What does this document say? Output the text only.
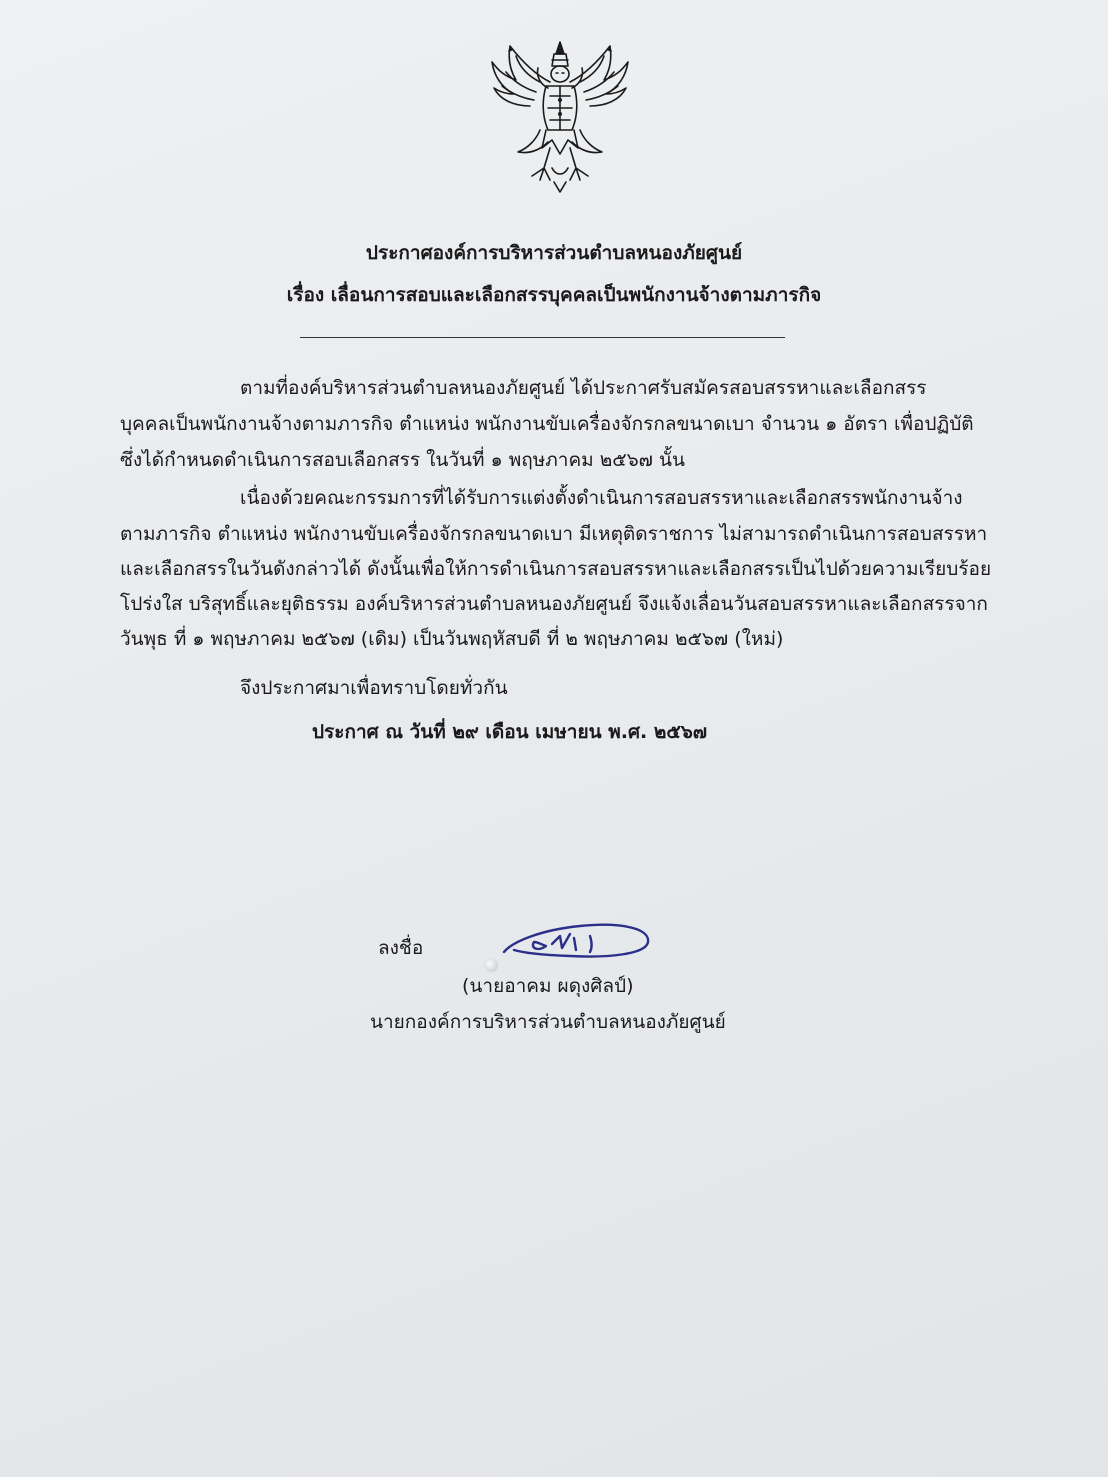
ประกาศองค์การบริหารส่วนตำบลหนองภัยศูนย์
เรื่อง เลื่อนการสอบและเลือกสรรบุคคลเป็นพนักงานจ้างตามภารกิจ
ตามที่องค์บริหารส่วนตำบลหนองภัยศูนย์ ได้ประกาศรับสมัครสอบสรรหาและเลือกสรร
บุคคลเป็นพนักงานจ้างตามภารกิจ ตำแหน่ง พนักงานขับเครื่องจักรกลขนาดเบา จำนวน ๑ อัตรา เพื่อปฏิบัติ
ซึ่งได้กำหนดดำเนินการสอบเลือกสรร ในวันที่ ๑ พฤษภาคม ๒๕๖๗ นั้น
เนื่องด้วยคณะกรรมการที่ได้รับการแต่งตั้งดำเนินการสอบสรรหาและเลือกสรรพนักงานจ้าง
ตามภารกิจ ตำแหน่ง พนักงานขับเครื่องจักรกลขนาดเบา มีเหตุติดราชการ ไม่สามารถดำเนินการสอบสรรหา
และเลือกสรรในวันดังกล่าวได้ ดังนั้นเพื่อให้การดำเนินการสอบสรรหาและเลือกสรรเป็นไปด้วยความเรียบร้อย
โปร่งใส บริสุทธิ์และยุติธรรม องค์บริหารส่วนตำบลหนองภัยศูนย์ จึงแจ้งเลื่อนวันสอบสรรหาและเลือกสรรจาก
วันพุธ ที่ ๑ พฤษภาคม ๒๕๖๗ (เดิม) เป็นวันพฤหัสบดี ที่ ๒ พฤษภาคม ๒๕๖๗ (ใหม่)
จึงประกาศมาเพื่อทราบโดยทั่วกัน
ประกาศ ณ วันที่ ๒๙ เดือน เมษายน พ.ศ. ๒๕๖๗
ลงชื่อ
(นายอาคม ผดุงศิลป์)
นายกองค์การบริหารส่วนตำบลหนองภัยศูนย์
